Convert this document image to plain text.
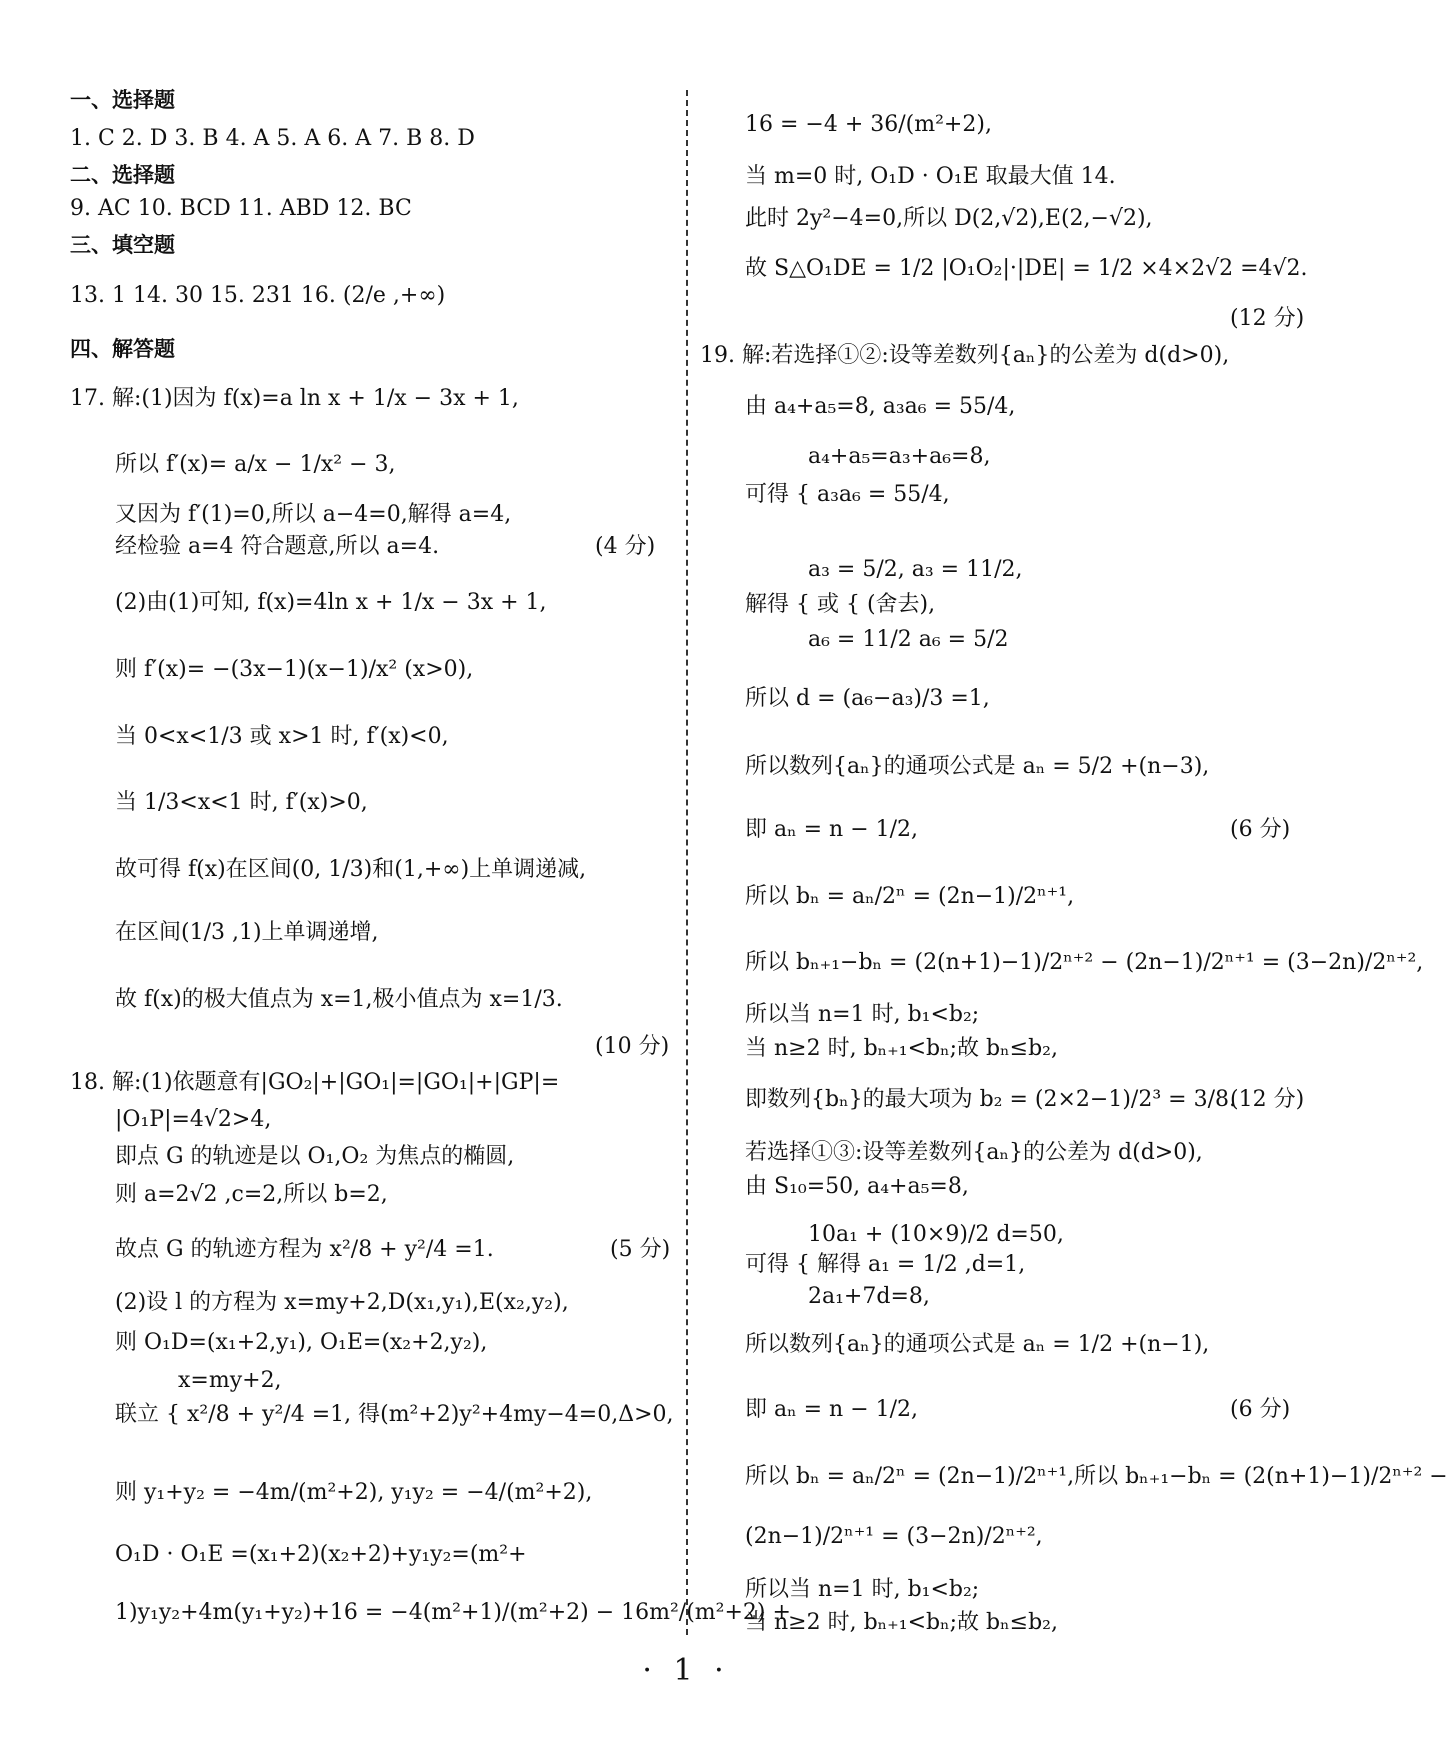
一、选择题
1. C 2. D 3. B 4. A 5. A 6. A 7. B 8. D
二、选择题
9. AC 10. BCD 11. ABD 12. BC
三、填空题
13. 1 14. 30 15. 231 16. (2/e ,+∞)
四、解答题
17. 解:(1)因为 f(x)=a ln x + 1/x − 3x + 1,
所以 f′(x)= a/x − 1/x² − 3,
又因为 f′(1)=0,所以 a−4=0,解得 a=4,
经检验 a=4 符合题意,所以 a=4.	(4 分)
(2)由(1)可知, f(x)=4ln x + 1/x − 3x + 1,
则 f′(x)= −(3x−1)(x−1)/x² (x>0),
当 0<x<1/3 或 x>1 时, f′(x)<0,
当 1/3<x<1 时, f′(x)>0,
故可得 f(x)在区间(0, 1/3)和(1,+∞)上单调递减,
在区间(1/3 ,1)上单调递增,
故 f(x)的极大值点为 x=1,极小值点为 x=1/3.
(10 分)
18. 解:(1)依题意有|GO₂|+|GO₁|=|GO₁|+|GP|=
|O₁P|=4√2>4,
即点 G 的轨迹是以 O₁,O₂ 为焦点的椭圆,
则 a=2√2 ,c=2,所以 b=2,
故点 G 的轨迹方程为 x²/8 + y²/4 =1.	(5 分)
(2)设 l 的方程为 x=my+2,D(x₁,y₁),E(x₂,y₂),
则 O₁D=(x₁+2,y₁), O₁E=(x₂+2,y₂),
x=my+2,
联立 { x²/8 + y²/4 =1, 得(m²+2)y²+4my−4=0,Δ>0,
则 y₁+y₂ = −4m/(m²+2), y₁y₂ = −4/(m²+2),
O₁D · O₁E =(x₁+2)(x₂+2)+y₁y₂=(m²+
1)y₁y₂+4m(y₁+y₂)+16 = −4(m²+1)/(m²+2) − 16m²/(m²+2) +
16 = −4 + 36/(m²+2),
当 m=0 时, O₁D · O₁E 取最大值 14.
此时 2y²−4=0,所以 D(2,√2),E(2,−√2),
故 S△O₁DE = 1/2 |O₁O₂|·|DE| = 1/2 ×4×2√2 =4√2.
(12 分)
19. 解:若选择①②:设等差数列{aₙ}的公差为 d(d>0),
由 a₄+a₅=8, a₃a₆ = 55/4,
a₄+a₅=a₃+a₆=8,
可得 { a₃a₆ = 55/4,
a₃ = 5/2, a₃ = 11/2,
解得 { 或 { (舍去),
a₆ = 11/2 a₆ = 5/2
所以 d = (a₆−a₃)/3 =1,
所以数列{aₙ}的通项公式是 aₙ = 5/2 +(n−3),
即 aₙ = n − 1/2,	(6 分)
所以 bₙ = aₙ/2ⁿ = (2n−1)/2ⁿ⁺¹,
所以 bₙ₊₁−bₙ = (2(n+1)−1)/2ⁿ⁺² − (2n−1)/2ⁿ⁺¹ = (3−2n)/2ⁿ⁺²,
所以当 n=1 时, b₁<b₂;
当 n≥2 时, bₙ₊₁<bₙ;故 bₙ≤b₂,
即数列{bₙ}的最大项为 b₂ = (2×2−1)/2³ = 3/8.
(12 分)
若选择①③:设等差数列{aₙ}的公差为 d(d>0),
由 S₁₀=50, a₄+a₅=8,
10a₁ + (10×9)/2 d=50,
可得 { 解得 a₁ = 1/2 ,d=1,
2a₁+7d=8,
所以数列{aₙ}的通项公式是 aₙ = 1/2 +(n−1),
即 aₙ = n − 1/2,	(6 分)
所以 bₙ = aₙ/2ⁿ = (2n−1)/2ⁿ⁺¹,所以 bₙ₊₁−bₙ = (2(n+1)−1)/2ⁿ⁺² −
(2n−1)/2ⁿ⁺¹ = (3−2n)/2ⁿ⁺²,
所以当 n=1 时, b₁<b₂;
当 n≥2 时, bₙ₊₁<bₙ;故 bₙ≤b₂,
· 1 ·
